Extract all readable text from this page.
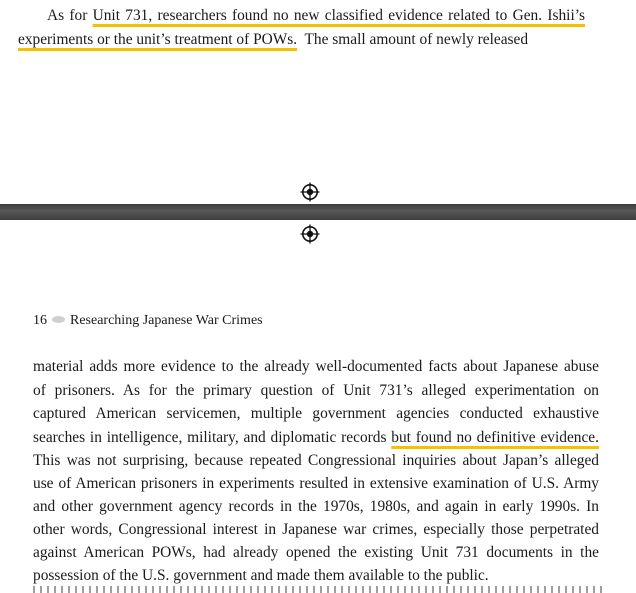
As for Unit 731, researchers found no new classified evidence related to Gen. Ishii’s
experiments or the unit’s treatment of POWs.  The small amount of newly released
16 Researching Japanese War Crimes
material adds more evidence to the already well-documented facts about Japanese abuse
of prisoners. As for the primary question of Unit 731’s alleged experimentation on
captured American servicemen, multiple government agencies conducted exhaustive
searches in intelligence, military, and diplomatic records but found no definitive evidence.
This was not surprising, because repeated Congressional inquiries about Japan’s alleged
use of American prisoners in experiments resulted in extensive examination of U.S. Army
and other government agency records in the 1970s, 1980s, and again in early 1990s. In
other words, Congressional interest in Japanese war crimes, especially those perpetrated
against American POWs, had already opened the existing Unit 731 documents in the
possession of the U.S. government and made them available to the public.
